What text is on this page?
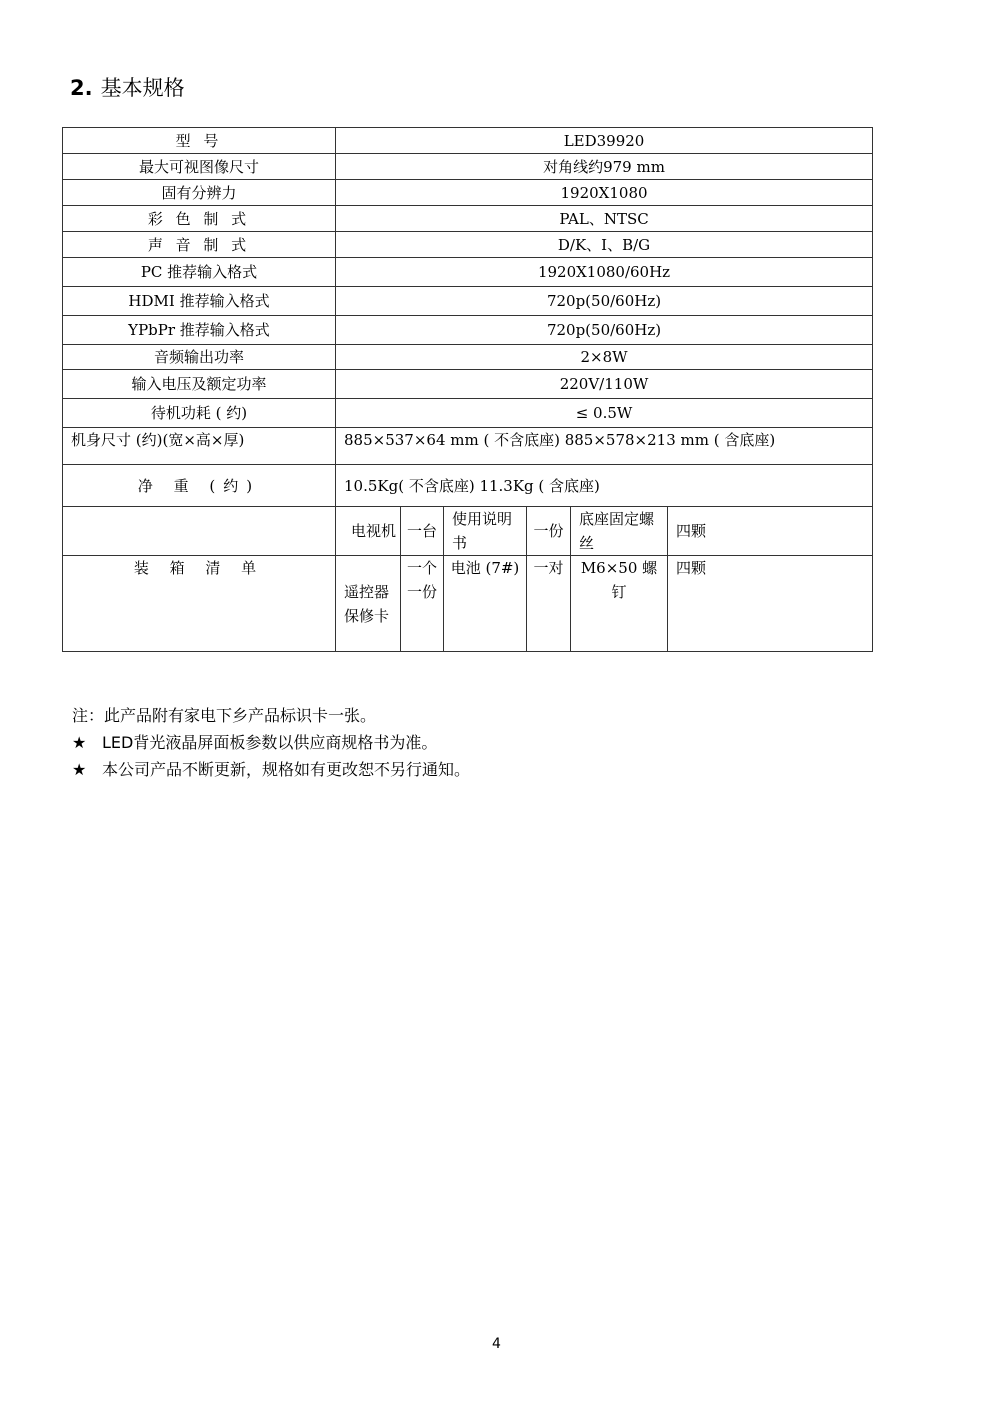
2. 基本规格
型 号	LED39920					
最大可视图像尺寸	对角线约979 mm					
固有分辨力	1920X1080					
彩 色 制 式	PAL、NTSC					
声 音 制 式	D/K、I、B/G					
PC 推荐输入格式	1920X1080/60Hz					
HDMI 推荐输入格式	720p(50/60Hz)					
YPbPr 推荐输入格式	720p(50/60Hz)					
音频输出功率	2×8W					
输入电压及额定功率	220V/110W					
待机功耗 ( 约)	≤ 0.5W					
机身尺寸 (约)(宽×高×厚)	885×537×64 mm ( 不含底座) 885×578×213 mm ( 含底座)					
净 重 (约)	10.5Kg( 不含底座) 11.3Kg ( 含底座)					
	电视机	一台	使用说明书	一份	底座固定螺丝	四颗
装 箱 清 单	遥控器 保修卡	一个 一份	电池 (7#)	一对	M6×50 螺钉	四颗
注：此产品附有家电下乡产品标识卡一张。
★ LED背光液晶屏面板参数以供应商规格书为准。
★ 本公司产品不断更新，规格如有更改恕不另行通知。
4
